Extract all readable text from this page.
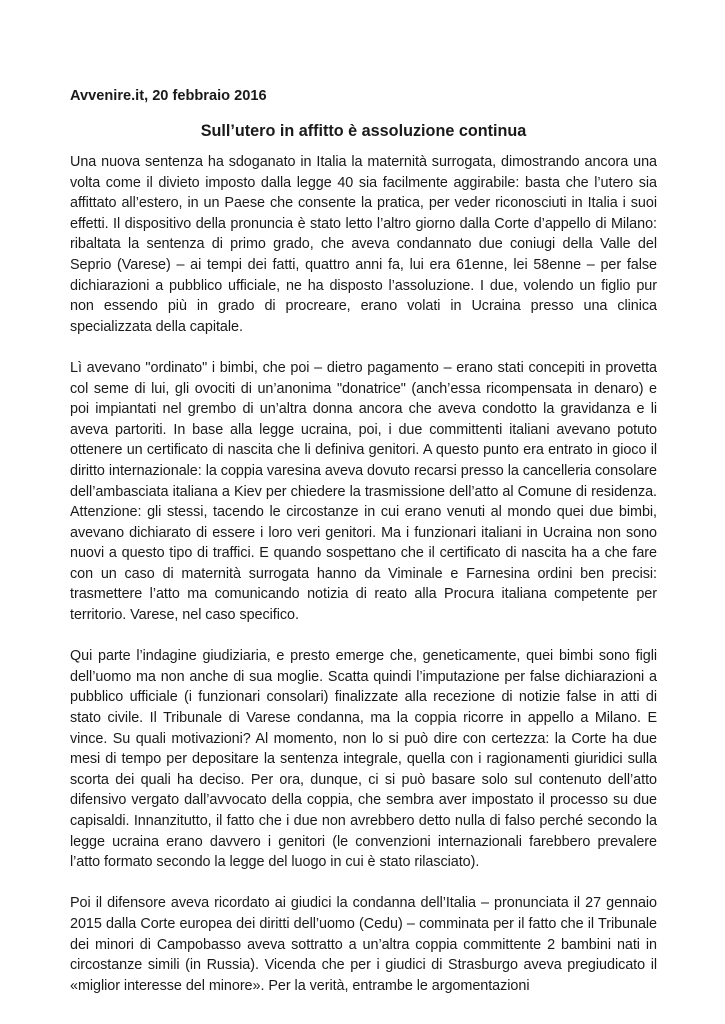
Avvenire.it, 20 febbraio 2016
Sull’utero in affitto è assoluzione continua

Una nuova sentenza ha sdoganato in Italia la maternità surrogata, dimostrando ancora una volta come il divieto imposto dalla legge 40 sia facilmente aggirabile: basta che l’utero sia affittato all’estero, in un Paese che consente la pratica, per veder riconosciuti in Italia i suoi effetti. Il dispositivo della pronuncia è stato letto l’altro giorno dalla Corte d’appello di Milano: ribaltata la sentenza di primo grado, che aveva condannato due coniugi della Valle del Seprio (Varese) – ai tempi dei fatti, quattro anni fa, lui era 61enne, lei 58enne – per false dichiarazioni a pubblico ufficiale, ne ha disposto l’assoluzione. I due, volendo un figlio pur non essendo più in grado di procreare, erano volati in Ucraina presso una clinica specializzata della capitale.

Lì avevano "ordinato" i bimbi, che poi – dietro pagamento – erano stati concepiti in provetta col seme di lui, gli ovociti di un’anonima "donatrice" (anch’essa ricompensata in denaro) e poi impiantati nel grembo di un’altra donna ancora che aveva condotto la gravidanza e li aveva partoriti. In base alla legge ucraina, poi, i due committenti italiani avevano potuto ottenere un certificato di nascita che li definiva genitori. A questo punto era entrato in gioco il diritto internazionale: la coppia varesina aveva dovuto recarsi presso la cancelleria consolare dell’ambasciata italiana a Kiev per chiedere la trasmissione dell’atto al Comune di residenza. Attenzione: gli stessi, tacendo le circostanze in cui erano venuti al mondo quei due bimbi, avevano dichiarato di essere i loro veri genitori. Ma i funzionari italiani in Ucraina non sono nuovi a questo tipo di traffici. E quando sospettano che il certificato di nascita ha a che fare con un caso di maternità surrogata hanno da Viminale e Farnesina ordini ben precisi: trasmettere l’atto ma comunicando notizia di reato alla Procura italiana competente per territorio. Varese, nel caso specifico.

Qui parte l’indagine giudiziaria, e presto emerge che, geneticamente, quei bimbi sono figli dell’uomo ma non anche di sua moglie. Scatta quindi l’imputazione per false dichiarazioni a pubblico ufficiale (i funzionari consolari) finalizzate alla recezione di notizie false in atti di stato civile. Il Tribunale di Varese condanna, ma la coppia ricorre in appello a Milano. E vince. Su quali motivazioni? Al momento, non lo si può dire con certezza: la Corte ha due mesi di tempo per depositare la sentenza integrale, quella con i ragionamenti giuridici sulla scorta dei quali ha deciso. Per ora, dunque, ci si può basare solo sul contenuto dell’atto difensivo vergato dall’avvocato della coppia, che sembra aver impostato il processo su due capisaldi. Innanzitutto, il fatto che i due non avrebbero detto nulla di falso perché secondo la legge ucraina erano davvero i genitori (le convenzioni internazionali farebbero prevalere l’atto formato secondo la legge del luogo in cui è stato rilasciato).

Poi il difensore aveva ricordato ai giudici la condanna dell’Italia – pronunciata il 27 gennaio 2015 dalla Corte europea dei diritti dell’uomo (Cedu) – comminata per il fatto che il Tribunale dei minori di Campobasso aveva sottratto a un’altra coppia committente 2 bambini nati in circostanze simili (in Russia). Vicenda che per i giudici di Strasburgo aveva pregiudicato il «miglior interesse del minore». Per la verità, entrambe le argomentazioni
